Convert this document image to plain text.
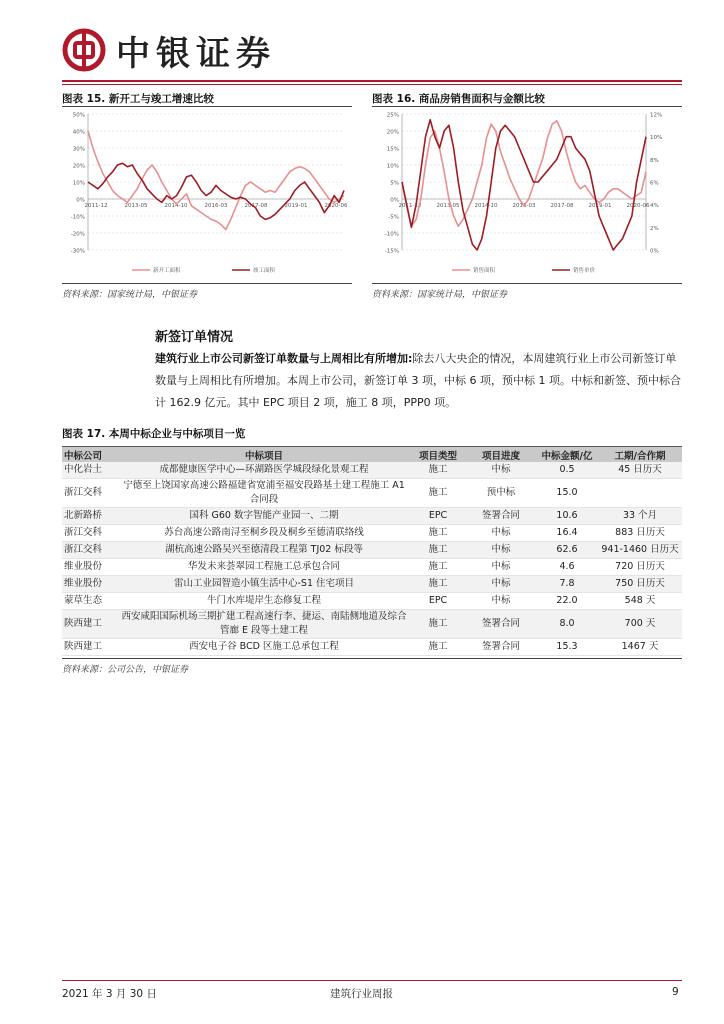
中银证券
图表 15. 新开工与竣工增速比较
50%
40%
30%
20%
10%
0%
-10%
-20%
-30%
2011-12	2013-05	2014-10	2016-03	2017-08	2019-01	2020-06
新开工面积	竣工面积
资料来源：国家统计局，中银证券
图表 16. 商品房销售面积与金额比较
25%
20%
15%
10%
5%
0%
-5%
-10%
-15%
12%
10%
8%
6%
4%
2%
0%
2011-12	2013-05	2014-10	2016-03	2017-08	2019-01	2020-06
销售面积	销售单价
资料来源：国家统计局，中银证券
新签订单情况
建筑行业上市公司新签订单数量与上周相比有所增加:除去八大央企的情况，本周建筑行业上市公司新签订单数量与上周相比有所增加。本周上市公司，新签订单 3 项，中标 6 项，预中标 1 项。中标和新签、预中标合计 162.9 亿元。其中 EPC 项目 2 项，施工 8 项，PPP0 项。
图表 17. 本周中标企业与中标项目一览
中标公司	中标项目	项目类型	项目进度	中标金额/亿	工期/合作期
中化岩土	成都健康医学中心—环湖路医学城段绿化景观工程	施工	中标	0.5	45 日历天
浙江交科	宁德至上饶国家高速公路福建省宽浦至福安段路基土建工程施工 A1 合同段	施工	预中标	15.0	
北新路桥	国科 G60 数字智能产业园一、二期	EPC	签署合同	10.6	33 个月
浙江交科	苏台高速公路南浔至桐乡段及桐乡至德清联络线	施工	中标	16.4	883 日历天
浙江交科	湖杭高速公路吴兴至德清段工程第 TJ02 标段等	施工	中标	62.6	941-1460 日历天
维业股份	华发未来荟翠园工程施工总承包合同	施工	中标	4.6	720 日历天
维业股份	雷山工业园智造小镇生活中心-S1 住宅项目	施工	中标	7.8	750 日历天
蒙草生态	牛门水库堤岸生态修复工程	EPC	中标	22.0	548 天
陕西建工	西安咸阳国际机场三期扩建工程高速行李、捷运、南陆侧地道及综合管廊 E 段等土建工程	施工	签署合同	8.0	700 天
陕西建工	西安电子谷 BCD 区施工总承包工程	施工	签署合同	15.3	1467 天
资料来源：公司公告，中银证券
2021 年 3 月 30 日	建筑行业周报	9
